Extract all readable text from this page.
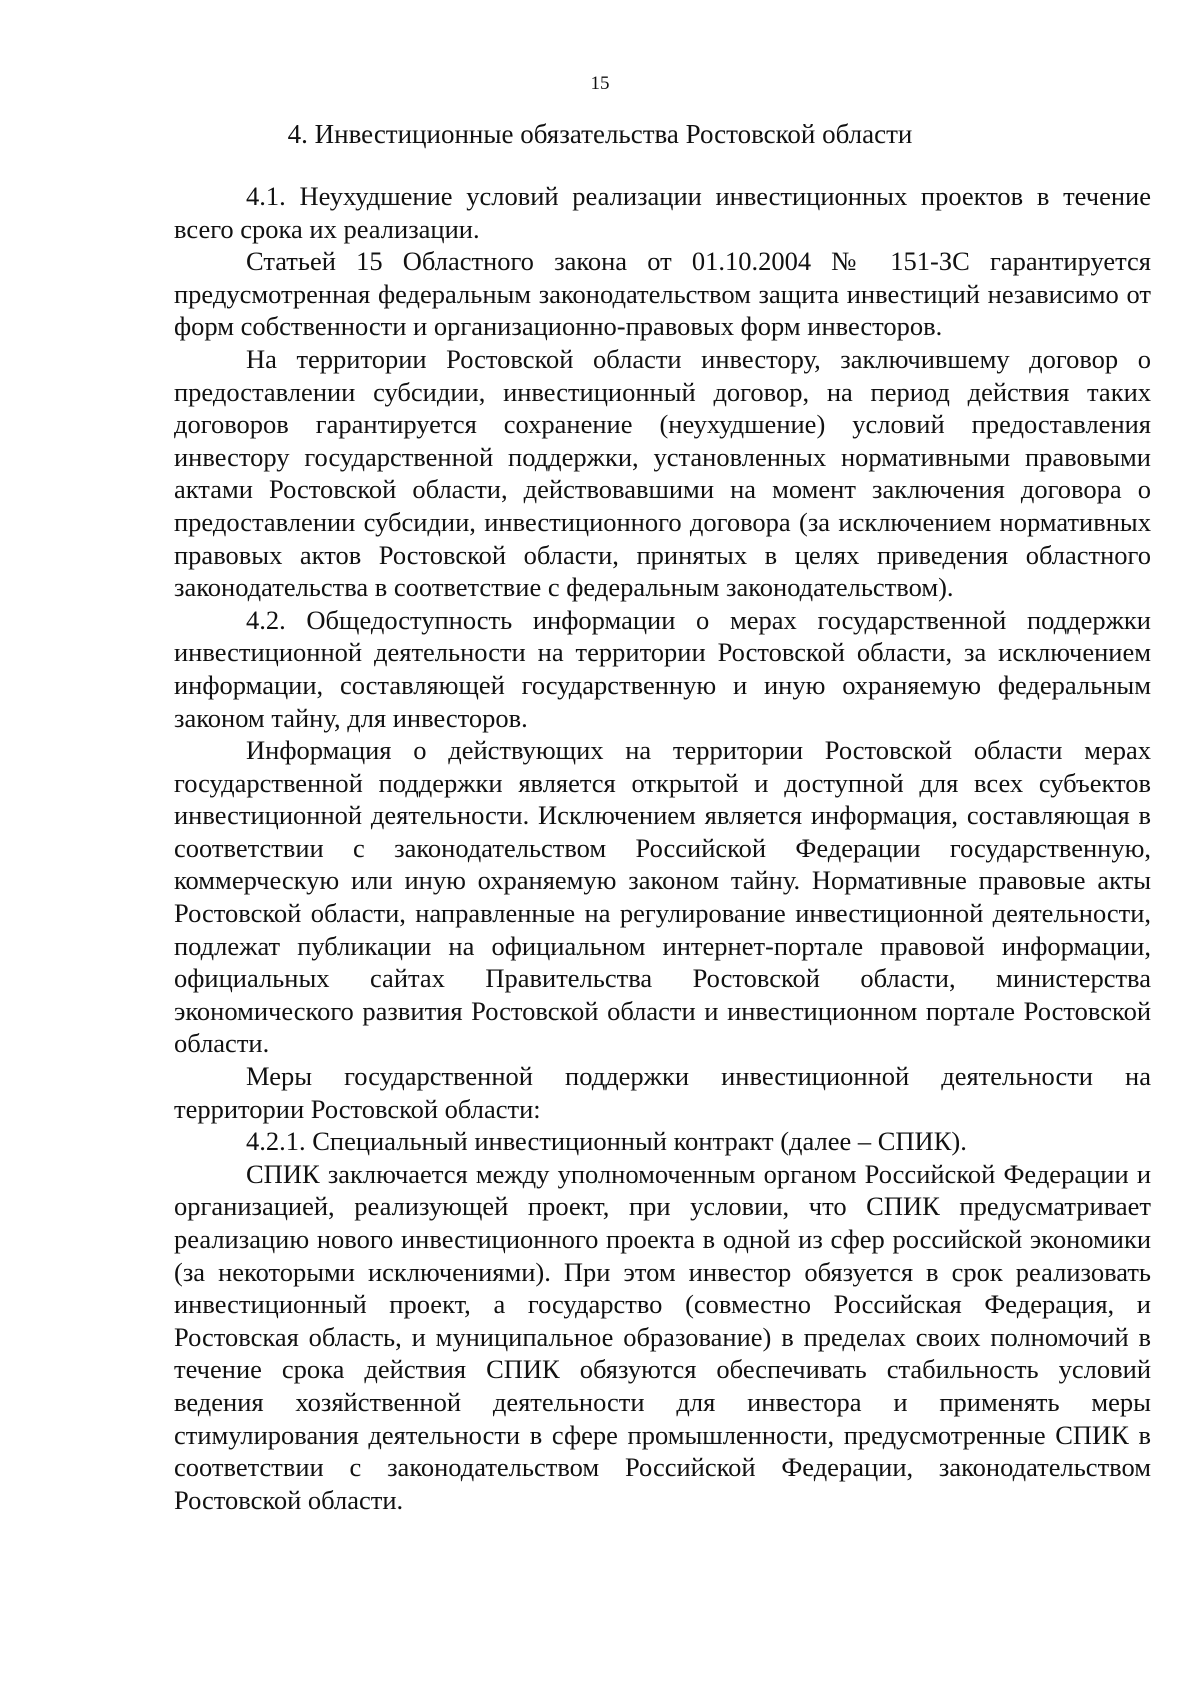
15
4. Инвестиционные обязательства Ростовской области

4.1. Неухудшение условий реализации инвестиционных проектов в течение всего срока их реализации.

Статьей 15 Областного закона от 01.10.2004 № 151-ЗС гарантируется предусмотренная федеральным законодательством защита инвестиций независимо от форм собственности и организационно-правовых форм инвесторов.

На территории Ростовской области инвестору, заключившему договор о предоставлении субсидии, инвестиционный договор, на период действия таких договоров гарантируется сохранение (неухудшение) условий предоставления инвестору государственной поддержки, установленных нормативными правовыми актами Ростовской области, действовавшими на момент заключения договора о предоставлении субсидии, инвестиционного договора (за исключением нормативных правовых актов Ростовской области, принятых в целях приведения областного законодательства в соответствие с федеральным законодательством).

4.2. Общедоступность информации о мерах государственной поддержки инвестиционной деятельности на территории Ростовской области, за исключением информации, составляющей государственную и иную охраняемую федеральным законом тайну, для инвесторов.

Информация о действующих на территории Ростовской области мерах государственной поддержки является открытой и доступной для всех субъектов инвестиционной деятельности. Исключением является информация, составляющая в соответствии с законодательством Российской Федерации государственную, коммерческую или иную охраняемую законом тайну. Нормативные правовые акты Ростовской области, направленные на регулирование инвестиционной деятельности, подлежат публикации на официальном интернет-портале правовой информации, официальных сайтах Правительства Ростовской области, министерства экономического развития Ростовской области и инвестиционном портале Ростовской области.

Меры государственной поддержки инвестиционной деятельности на территории Ростовской области:

4.2.1. Специальный инвестиционный контракт (далее – СПИК).

СПИК заключается между уполномоченным органом Российской Федерации и организацией, реализующей проект, при условии, что СПИК предусматривает реализацию нового инвестиционного проекта в одной из сфер российской экономики (за некоторыми исключениями). При этом инвестор обязуется в срок реализовать инвестиционный проект, а государство (совместно Российская Федерация, и Ростовская область, и муниципальное образование) в пределах своих полномочий в течение срока действия СПИК обязуются обеспечивать стабильность условий ведения хозяйственной деятельности для инвестора и применять меры стимулирования деятельности в сфере промышленности, предусмотренные СПИК в соответствии с законодательством Российской Федерации, законодательством Ростовской области.
